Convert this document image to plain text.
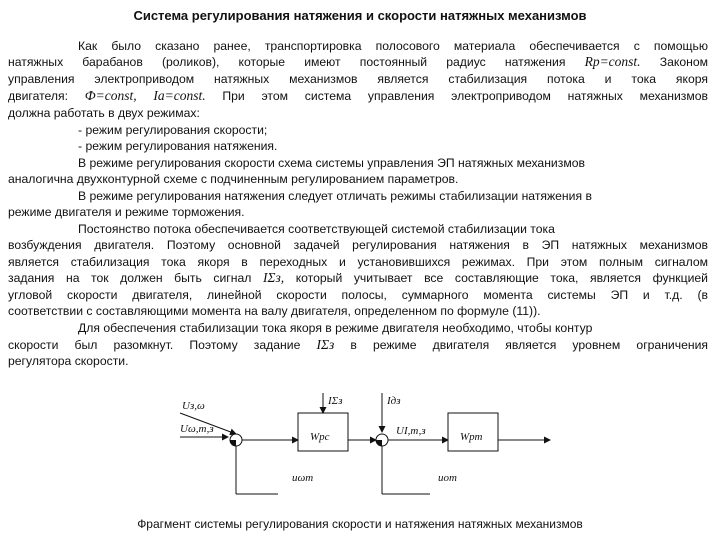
Система регулирования натяжения и скорости натяжных механизмов
Как было сказано ранее, транспортировка полосового материала обеспечивается с помощью
натяжных барабанов (роликов), которые имеют постоянный радиус натяжения Rр=const. Законом
управления электроприводом натяжных механизмов является стабилизация потока и тока якоря
двигателя: Ф=const, Iа=const. При этом система управления электроприводом натяжных механизмов
должна работать в двух режимах:
- режим регулирования скорости;
- режим регулирования натяжения.
В режиме регулирования скорости схема системы управления ЭП натяжных механизмов
аналогична двухконтурной схеме с подчиненным регулированием параметров.
В режиме регулирования натяжения следует отличать режимы стабилизации натяжения в
режиме двигателя и режиме торможения.
Постоянство потока обеспечивается соответствующей системой стабилизации тока
возбуждения двигателя. Поэтому основной задачей регулирования натяжения в ЭП натяжных механизмов
является стабилизация тока якоря в переходных и установившихся режимах. При этом полным сигналом
задания на ток должен быть сигнал IΣз, который учитывает все составляющие тока, является функцией
угловой скорости двигателя, линейной скорости полосы, суммарного момента системы ЭП и т.д. (в
соответствии с составляющими момента на валу двигателя, определенном по формуле (11)).
Для обеспечения стабилизации тока якоря в режиме двигателя необходимо, чтобы контур
скорости был разомкнут. Поэтому задание IΣз в режиме двигателя является уровнем ограничения
регулятора скорости.
Wрс
IΣз	Iдз
UI,т,з	Wрт
uωт	uот
Uз,ω
Uω,т,з
Фрагмент системы регулирования скорости и натяжения натяжных механизмов
